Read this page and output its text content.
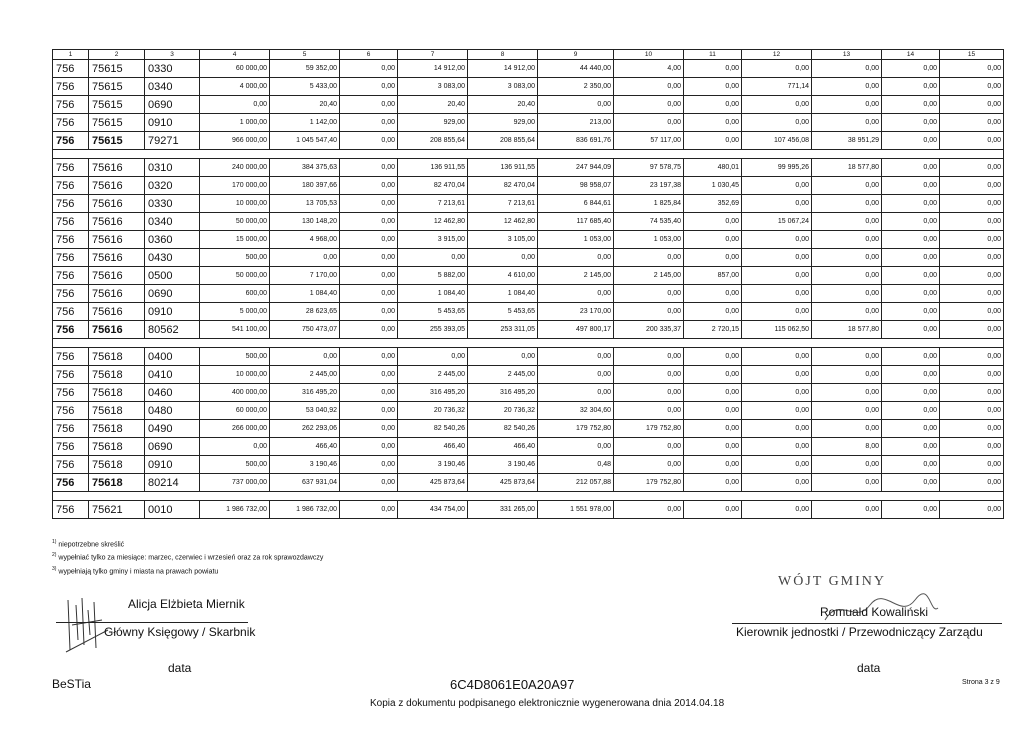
1	2	3	4	5	6	7	8	9	10	11	12	13	14	15
756	75615	0330	60 000,00	59 352,00	0,00	14 912,00	14 912,00	44 440,00	4,00	0,00	0,00	0,00	0,00	0,00
756	75615	0340	4 000,00	5 433,00	0,00	3 083,00	3 083,00	2 350,00	0,00	0,00	771,14	0,00	0,00	0,00
756	75615	0690	0,00	20,40	0,00	20,40	20,40	0,00	0,00	0,00	0,00	0,00	0,00	0,00
756	75615	0910	1 000,00	1 142,00	0,00	929,00	929,00	213,00	0,00	0,00	0,00	0,00	0,00	0,00
756	75615	79271	966 000,00	1 045 547,40	0,00	208 855,64	208 855,64	836 691,76	57 117,00	0,00	107 456,08	38 951,29	0,00	0,00

756	75616	0310	240 000,00	384 375,63	0,00	136 911,55	136 911,55	247 944,09	97 578,75	480,01	99 995,26	18 577,80	0,00	0,00
756	75616	0320	170 000,00	180 397,66	0,00	82 470,04	82 470,04	98 958,07	23 197,38	1 030,45	0,00	0,00	0,00	0,00
756	75616	0330	10 000,00	13 705,53	0,00	7 213,61	7 213,61	6 844,61	1 825,84	352,69	0,00	0,00	0,00	0,00
756	75616	0340	50 000,00	130 148,20	0,00	12 462,80	12 462,80	117 685,40	74 535,40	0,00	15 067,24	0,00	0,00	0,00
756	75616	0360	15 000,00	4 968,00	0,00	3 915,00	3 105,00	1 053,00	1 053,00	0,00	0,00	0,00	0,00	0,00
756	75616	0430	500,00	0,00	0,00	0,00	0,00	0,00	0,00	0,00	0,00	0,00	0,00	0,00
756	75616	0500	50 000,00	7 170,00	0,00	5 882,00	4 610,00	2 145,00	2 145,00	857,00	0,00	0,00	0,00	0,00
756	75616	0690	600,00	1 084,40	0,00	1 084,40	1 084,40	0,00	0,00	0,00	0,00	0,00	0,00	0,00
756	75616	0910	5 000,00	28 623,65	0,00	5 453,65	5 453,65	23 170,00	0,00	0,00	0,00	0,00	0,00	0,00
756	75616	80562	541 100,00	750 473,07	0,00	255 393,05	253 311,05	497 800,17	200 335,37	2 720,15	115 062,50	18 577,80	0,00	0,00

756	75618	0400	500,00	0,00	0,00	0,00	0,00	0,00	0,00	0,00	0,00	0,00	0,00	0,00
756	75618	0410	10 000,00	2 445,00	0,00	2 445,00	2 445,00	0,00	0,00	0,00	0,00	0,00	0,00	0,00
756	75618	0460	400 000,00	316 495,20	0,00	316 495,20	316 495,20	0,00	0,00	0,00	0,00	0,00	0,00	0,00
756	75618	0480	60 000,00	53 040,92	0,00	20 736,32	20 736,32	32 304,60	0,00	0,00	0,00	0,00	0,00	0,00
756	75618	0490	266 000,00	262 293,06	0,00	82 540,26	82 540,26	179 752,80	179 752,80	0,00	0,00	0,00	0,00	0,00
756	75618	0690	0,00	466,40	0,00	466,40	466,40	0,00	0,00	0,00	0,00	8,00	0,00	0,00
756	75618	0910	500,00	3 190,46	0,00	3 190,46	3 190,46	0,48	0,00	0,00	0,00	0,00	0,00	0,00
756	75618	80214	737 000,00	637 931,04	0,00	425 873,64	425 873,64	212 057,88	179 752,80	0,00	0,00	0,00	0,00	0,00

756	75621	0010	1 986 732,00	1 986 732,00	0,00	434 754,00	331 265,00	1 551 978,00	0,00	0,00	0,00	0,00	0,00	0,00
$^{1)}$ niepotrzebne skreślić
$^{2)}$ wypełniać tylko za miesiące: marzec, czerwiec i wrzesień oraz za rok sprawozdawczy
$^{3)}$ wypełniają tylko gminy i miasta na prawach powiatu
Alicja Elżbieta Miernik
Główny Księgowy / Skarbnik
data
WÓJT GMINY
Romuald Kowaliński
Kierownik jednostki / Przewodniczący Zarządu
data
BeSTia	6C4D8061E0A20A97	Strona 3 z 9
Kopia z dokumentu podpisanego elektronicznie wygenerowana dnia 2014.04.18
